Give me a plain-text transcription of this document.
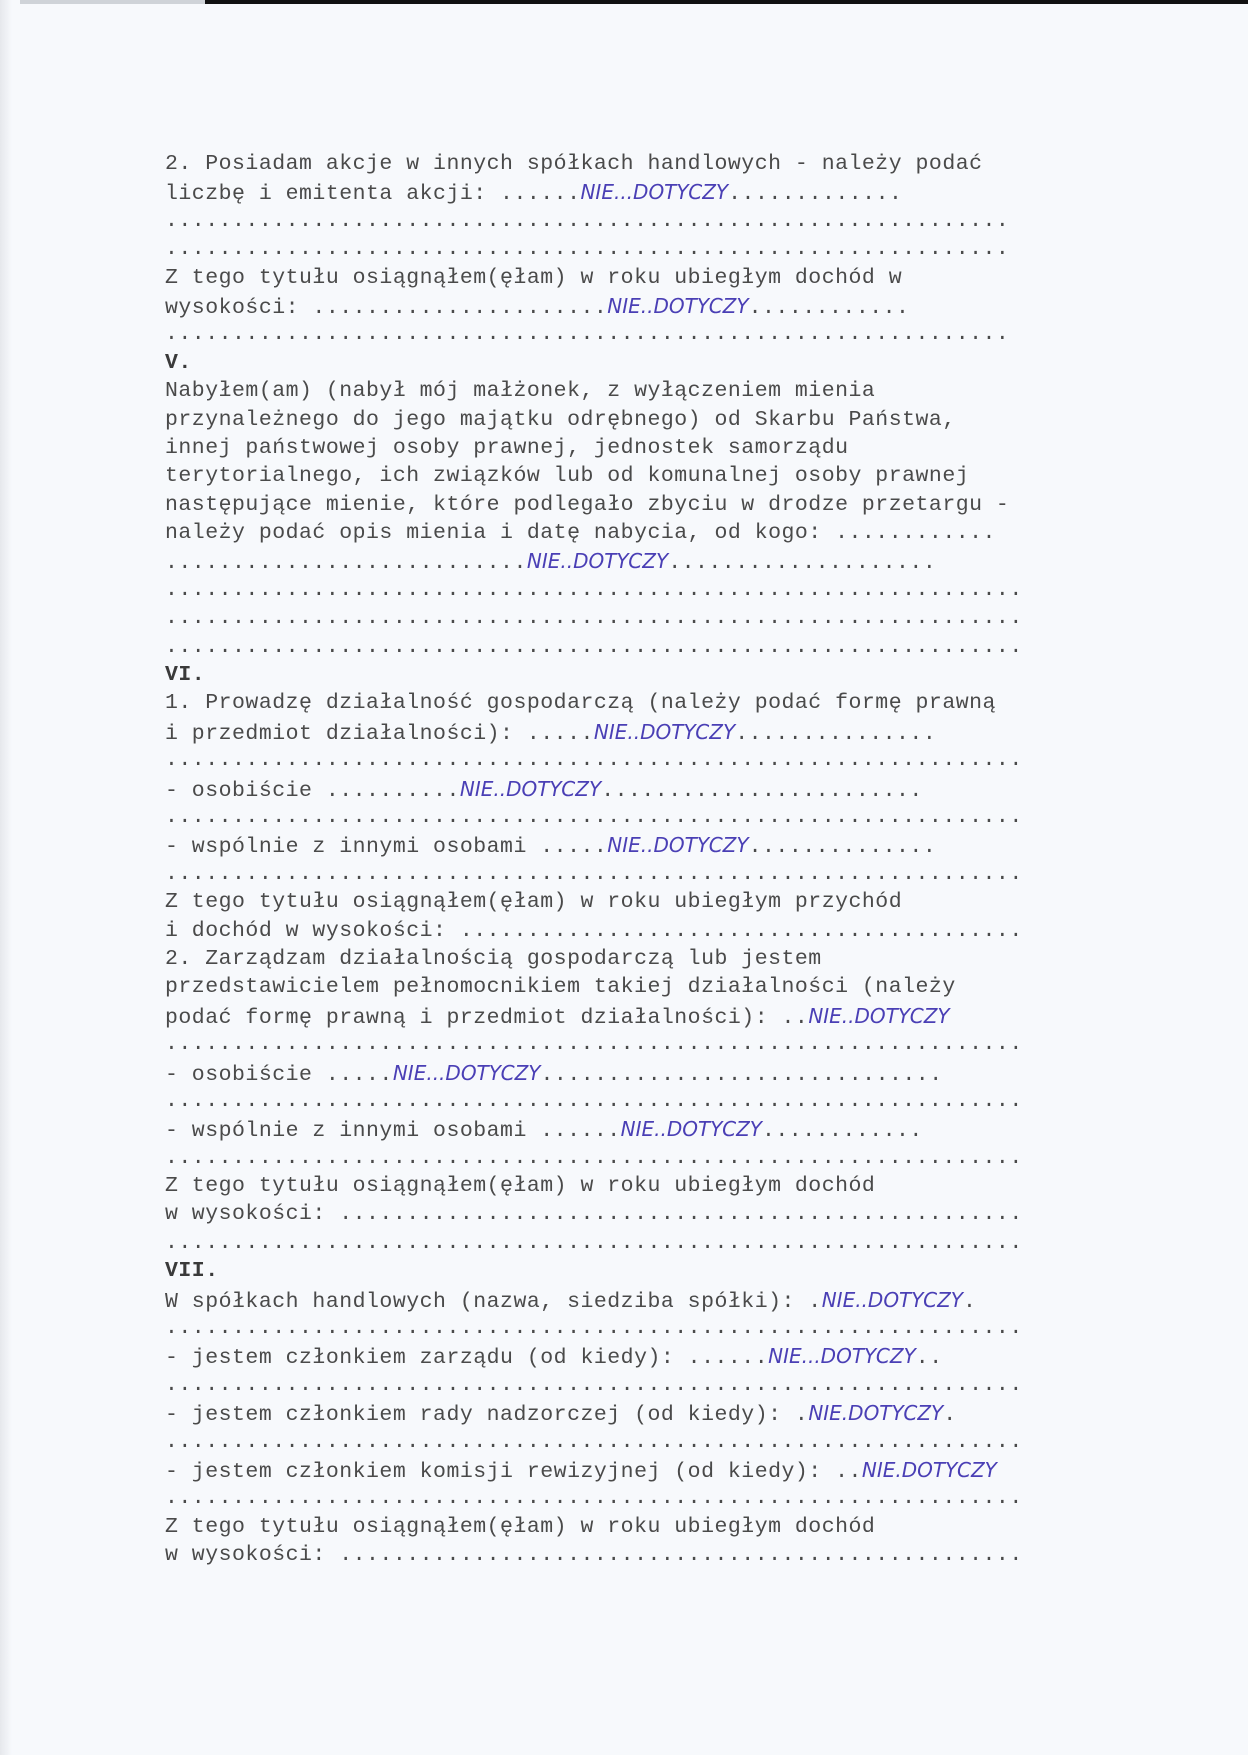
2. Posiadam akcje w innych spółkach handlowych - należy podać
liczbę i emitenta akcji: ......NIE...DOTYCZY.............
...............................................................
...............................................................
Z tego tytułu osiągnąłem(ęłam) w roku ubiegłym dochód w
wysokości: ......................NIE..DOTYCZY............
...............................................................
V.
Nabyłem(am) (nabył mój małżonek, z wyłączeniem mienia
przynależnego do jego majątku odrębnego) od Skarbu Państwa,
innej państwowej osoby prawnej, jednostek samorządu
terytorialnego, ich związków lub od komunalnej osoby prawnej
następujące mienie, które podlegało zbyciu w drodze przetargu -
należy podać opis mienia i datę nabycia, od kogo: ............
...........................NIE..DOTYCZY....................
................................................................
................................................................
................................................................
VI.
1. Prowadzę działalność gospodarczą (należy podać formę prawną
i przedmiot działalności): .....NIE..DOTYCZY...............
................................................................
- osobiście ..........NIE..DOTYCZY........................
................................................................
- wspólnie z innymi osobami .....NIE..DOTYCZY..............
................................................................
Z tego tytułu osiągnąłem(ęłam) w roku ubiegłym przychód
i dochód w wysokości: ..........................................
2. Zarządzam działalnością gospodarczą lub jestem
przedstawicielem pełnomocnikiem takiej działalności (należy
podać formę prawną i przedmiot działalności): ..NIE..DOTYCZY
................................................................
- osobiście .....NIE...DOTYCZY..............................
................................................................
- wspólnie z innymi osobami ......NIE..DOTYCZY............
................................................................
Z tego tytułu osiągnąłem(ęłam) w roku ubiegłym dochód
w wysokości: ...................................................
................................................................
VII.
W spółkach handlowych (nazwa, siedziba spółki): .NIE..DOTYCZY.
................................................................
- jestem członkiem zarządu (od kiedy): ......NIE...DOTYCZY..
................................................................
- jestem członkiem rady nadzorczej (od kiedy): .NIE.DOTYCZY.
................................................................
- jestem członkiem komisji rewizyjnej (od kiedy): ..NIE.DOTYCZY
................................................................
Z tego tytułu osiągnąłem(ęłam) w roku ubiegłym dochód
w wysokości: ...................................................
